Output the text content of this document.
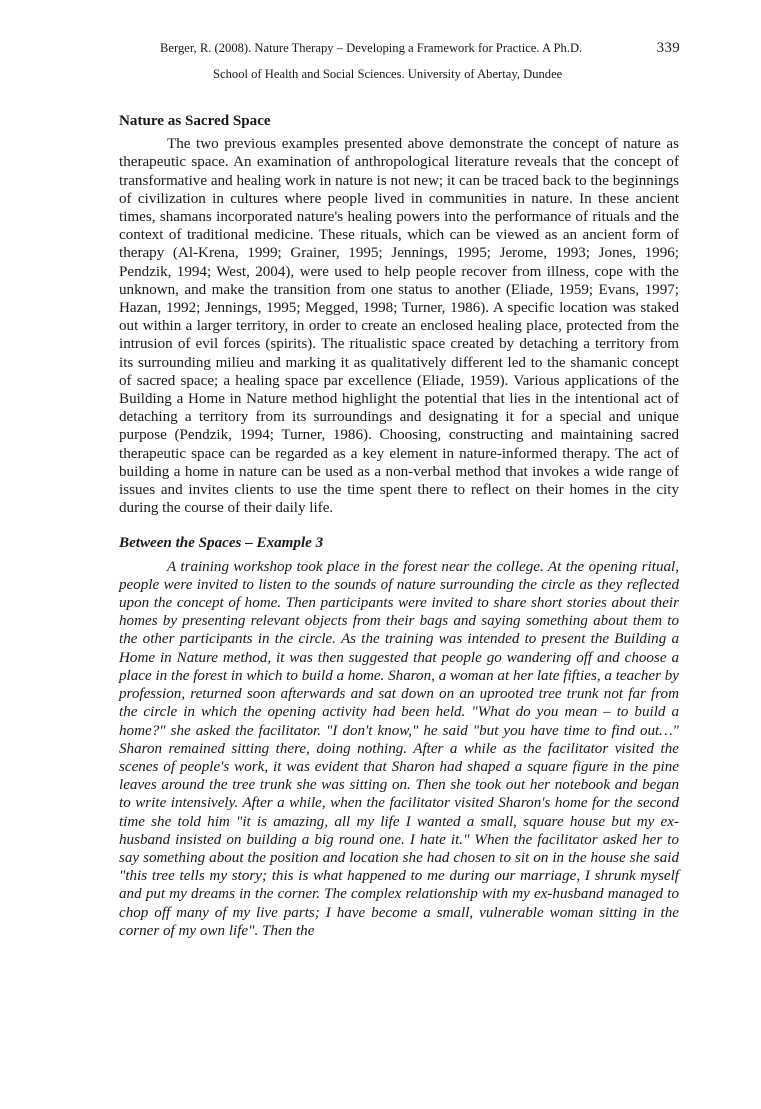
Berger, R. (2008). Nature Therapy – Developing a Framework for Practice. A Ph.D.	339
School of Health and Social Sciences. University of Abertay, Dundee
Nature as Sacred Space

The two previous examples presented above demonstrate the concept of nature as therapeutic space. An examination of anthropological literature reveals that the concept of transformative and healing work in nature is not new; it can be traced back to the beginnings of civilization in cultures where people lived in communities in nature. In these ancient times, shamans incorporated nature's healing powers into the performance of rituals and the context of traditional medicine. These rituals, which can be viewed as an ancient form of therapy (Al-Krena, 1999; Grainer, 1995; Jennings, 1995; Jerome, 1993; Jones, 1996; Pendzik, 1994; West, 2004), were used to help people recover from illness, cope with the unknown, and make the transition from one status to another (Eliade, 1959; Evans, 1997; Hazan, 1992; Jennings, 1995; Megged, 1998; Turner, 1986). A specific location was staked out within a larger territory, in order to create an enclosed healing place, protected from the intrusion of evil forces (spirits). The ritualistic space created by detaching a territory from its surrounding milieu and marking it as qualitatively different led to the shamanic concept of sacred space; a healing space par excellence (Eliade, 1959). Various applications of the Building a Home in Nature method highlight the potential that lies in the intentional act of detaching a territory from its surroundings and designating it for a special and unique purpose (Pendzik, 1994; Turner, 1986). Choosing, constructing and maintaining sacred therapeutic space can be regarded as a key element in nature-informed therapy. The act of building a home in nature can be used as a non-verbal method that invokes a wide range of issues and invites clients to use the time spent there to reflect on their homes in the city during the course of their daily life.

Between the Spaces – Example 3

A training workshop took place in the forest near the college. At the opening ritual, people were invited to listen to the sounds of nature surrounding the circle as they reflected upon the concept of home. Then participants were invited to share short stories about their homes by presenting relevant objects from their bags and saying something about them to the other participants in the circle. As the training was intended to present the Building a Home in Nature method, it was then suggested that people go wandering off and choose a place in the forest in which to build a home. Sharon, a woman at her late fifties, a teacher by profession, returned soon afterwards and sat down on an uprooted tree trunk not far from the circle in which the opening activity had been held. "What do you mean – to build a home?" she asked the facilitator. "I don't know," he said "but you have time to find out…" Sharon remained sitting there, doing nothing. After a while as the facilitator visited the scenes of people's work, it was evident that Sharon had shaped a square figure in the pine leaves around the tree trunk she was sitting on. Then she took out her notebook and began to write intensively. After a while, when the facilitator visited Sharon's home for the second time she told him "it is amazing, all my life I wanted a small, square house but my ex-husband insisted on building a big round one. I hate it." When the facilitator asked her to say something about the position and location she had chosen to sit on in the house she said "this tree tells my story; this is what happened to me during our marriage, I shrunk myself and put my dreams in the corner. The complex relationship with my ex-husband managed to chop off many of my live parts; I have become a small, vulnerable woman sitting in the corner of my own life". Then the
